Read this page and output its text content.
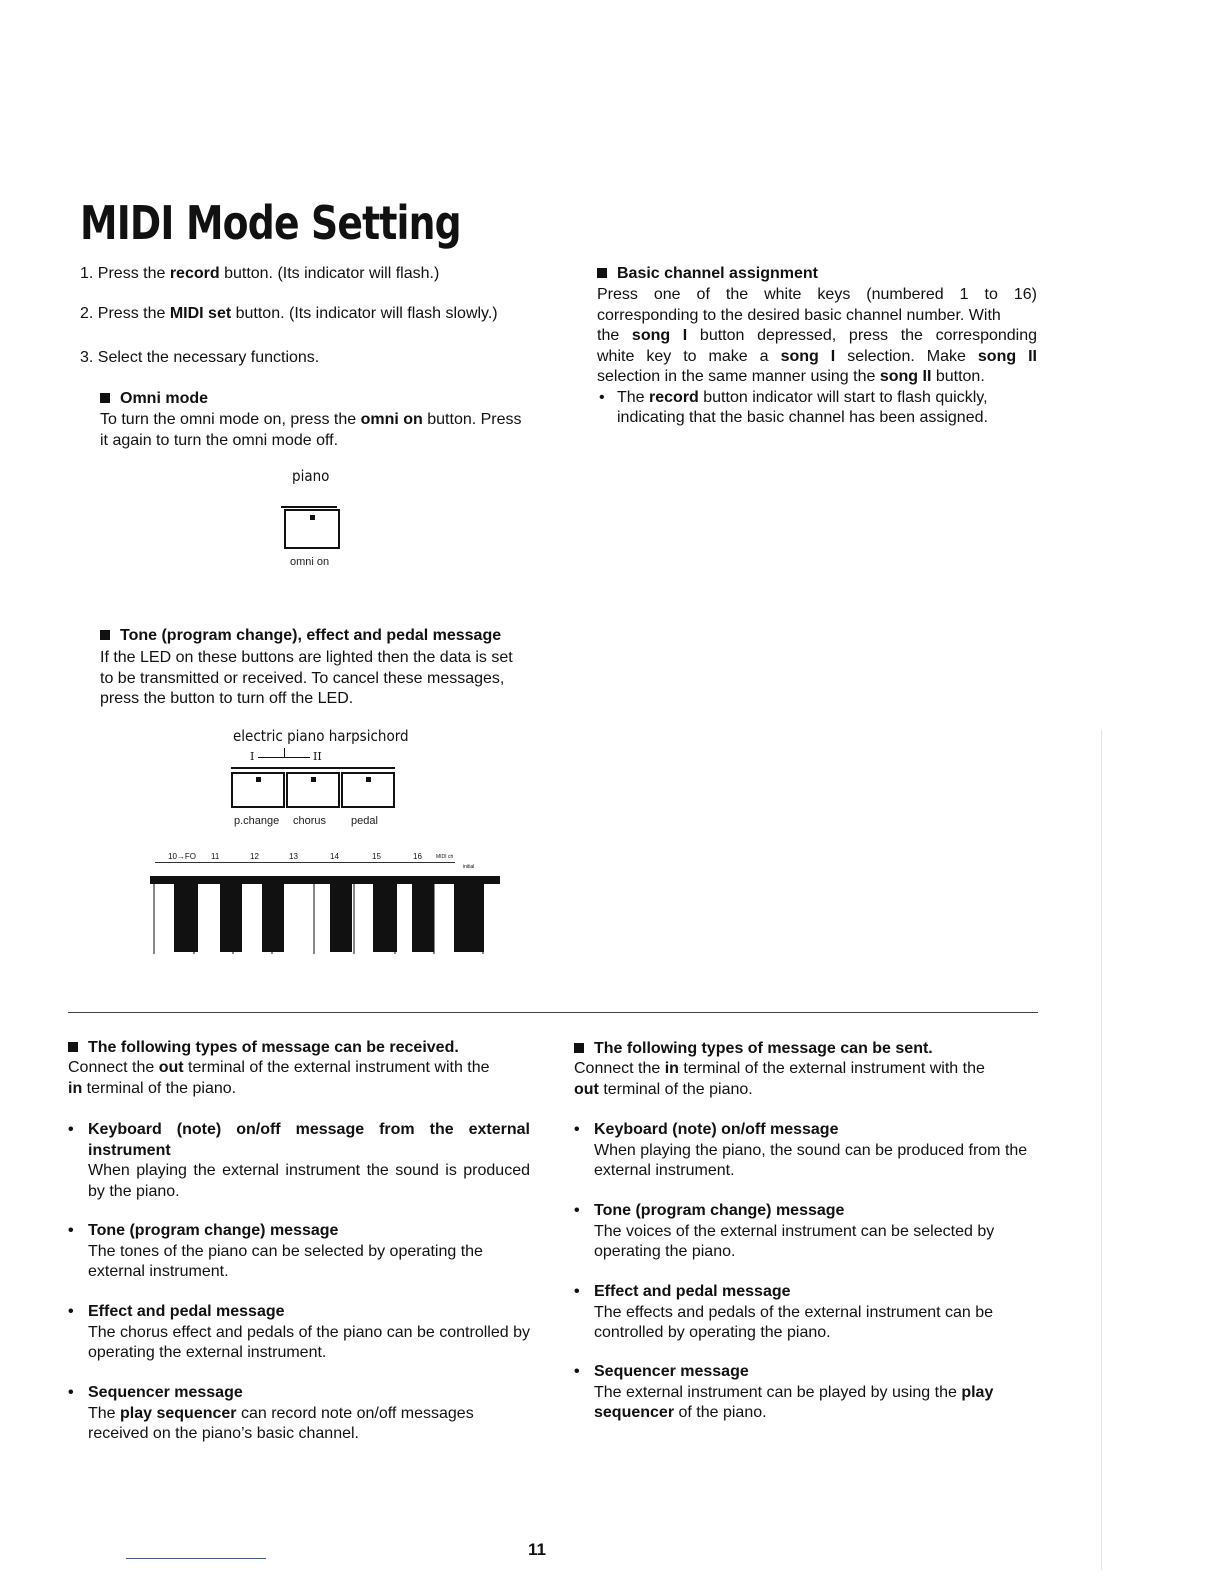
MIDI Mode Setting
1. Press the record button. (Its indicator will flash.)
2. Press the MIDI set button. (Its indicator will flash slowly.)
3. Select the necessary functions.
Omni mode
To turn the omni mode on, press the omni on button. Press
it again to turn the omni mode off.
piano
omni on
Tone (program change), effect and pedal message
If the LED on these buttons are lighted then the data is set
to be transmitted or received. To cancel these messages,
press the button to turn off the LED.
electric piano harpsichord
I	II
p.change chorus pedal
10→FO 11	12	13	14	15	16	MIDI ch
initial
Basic channel assignment
Press one of the white keys (numbered 1 to 16)
corresponding to the desired basic channel number. With
the song I button depressed, press the corresponding
white key to make a song I selection. Make song II
selection in the same manner using the song II button.
• The record button indicator will start to flash quickly,
indicating that the basic channel has been assigned.
The following types of message can be received.
Connect the out terminal of the external instrument with the
in terminal of the piano.
• Keyboard (note) on/off message from the external instrument
When playing the external instrument the sound is produced by the piano.
• Tone (program change) message
The tones of the piano can be selected by operating the external instrument.
• Effect and pedal message
The chorus effect and pedals of the piano can be controlled by operating the external instrument.
• Sequencer message
The play sequencer can record note on/off messages received on the piano’s basic channel.
The following types of message can be sent.
Connect the in terminal of the external instrument with the
out terminal of the piano.
• Keyboard (note) on/off message
When playing the piano, the sound can be produced from the external instrument.
• Tone (program change) message
The voices of the external instrument can be selected by operating the piano.
• Effect and pedal message
The effects and pedals of the external instrument can be controlled by operating the piano.
• Sequencer message
The external instrument can be played by using the play sequencer of the piano.
11
